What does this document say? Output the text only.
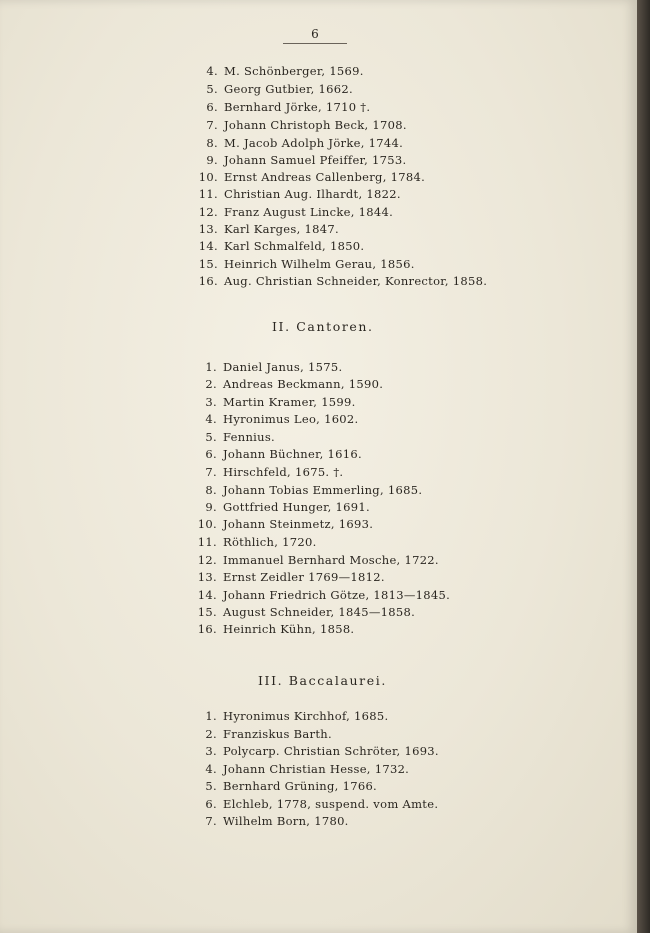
6
4. M. Schönberger, 1569.
5. Georg Gutbier, 1662.
6. Bernhard Jörke, 1710 †.
7. Johann Christoph Beck, 1708.
8. M. Jacob Adolph Jörke, 1744.
9. Johann Samuel Pfeiffer, 1753.
10. Ernst Andreas Callenberg, 1784.
11. Christian Aug. Ilhardt, 1822.
12. Franz August Lincke, 1844.
13. Karl Karges, 1847.
14. Karl Schmalfeld, 1850.
15. Heinrich Wilhelm Gerau, 1856.
16. Aug. Christian Schneider, Konrector, 1858.
II. Cantoren.
1. Daniel Janus, 1575.
2. Andreas Beckmann, 1590.
3. Martin Kramer, 1599.
4. Hyronimus Leo, 1602.
5. Fennius.
6. Johann Büchner, 1616.
7. Hirschfeld, 1675. †.
8. Johann Tobias Emmerling, 1685.
9. Gottfried Hunger, 1691.
10. Johann Steinmetz, 1693.
11. Röthlich, 1720.
12. Immanuel Bernhard Mosche, 1722.
13. Ernst Zeidler 1769—1812.
14. Johann Friedrich Götze, 1813—1845.
15. August Schneider, 1845—1858.
16. Heinrich Kühn, 1858.
III. Baccalaurei.
1. Hyronimus Kirchhof, 1685.
2. Franziskus Barth.
3. Polycarp. Christian Schröter, 1693.
4. Johann Christian Hesse, 1732.
5. Bernhard Grüning, 1766.
6. Elchleb, 1778, suspend. vom Amte.
7. Wilhelm Born, 1780.
